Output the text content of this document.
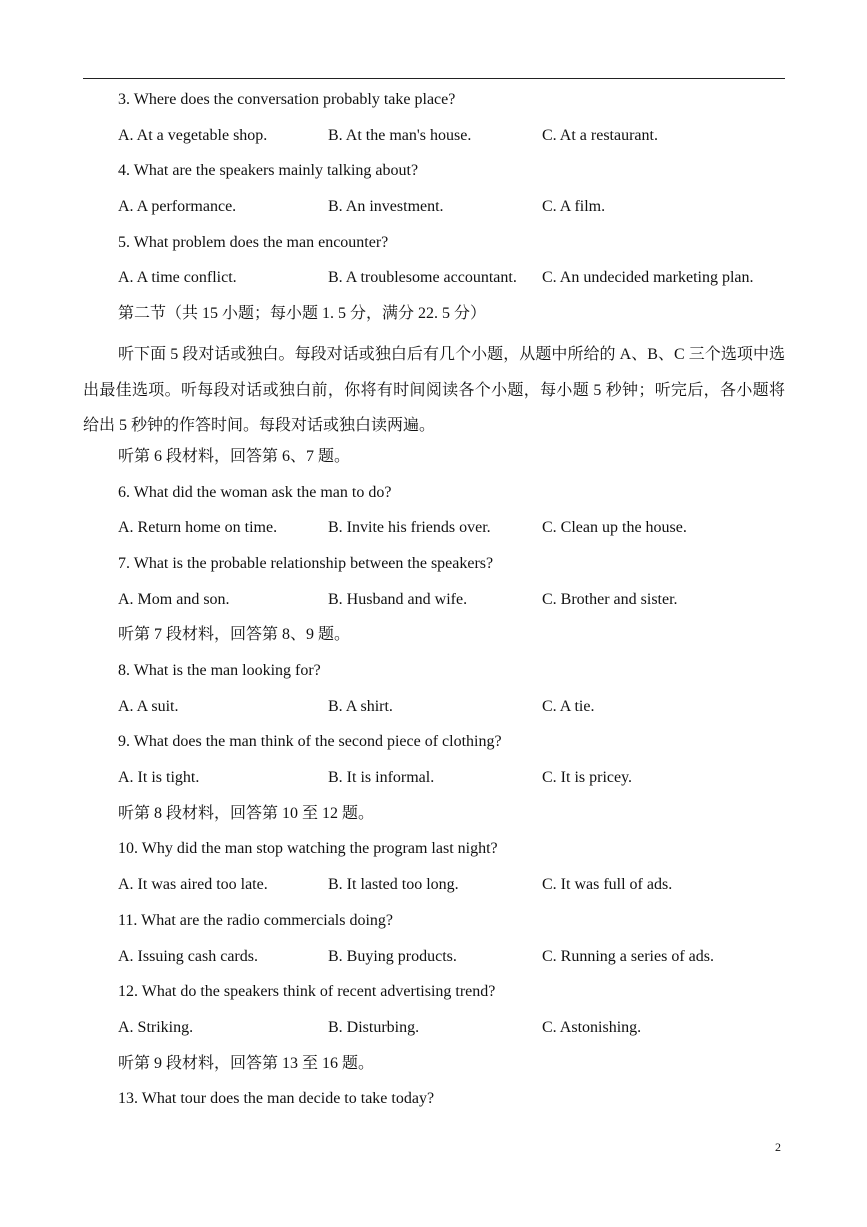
3. Where does the conversation probably take place?
A. At a vegetable shop.	B. At the man's house.	C. At a restaurant.
4. What are the speakers mainly talking about?
A. A performance.	B. An investment.	C. A film.
5. What problem does the man encounter?
A. A time conflict.	B. A troublesome accountant. C. An undecided marketing plan.
第二节（共 15 小题；每小题 1. 5 分，满分 22. 5 分）
听下面 5 段对话或独白。每段对话或独白后有几个小题，从题中所给的 A、B、C 三个选项中选出最佳选项。听每段对话或独白前，你将有时间阅读各个小题，每小题 5 秒钟；听完后，各小题将给出 5 秒钟的作答时间。每段对话或独白读两遍。
听第 6 段材料，回答第 6、7 题。
6. What did the woman ask the man to do?
A. Return home on time.	B. Invite his friends over.	C. Clean up the house.
7. What is the probable relationship between the speakers?
A. Mom and son.	B. Husband and wife.	C. Brother and sister.
听第 7 段材料，回答第 8、9 题。
8. What is the man looking for?
A. A suit.	B. A shirt.	C. A tie.
9. What does the man think of the second piece of clothing?
A. It is tight.	B. It is informal.	C. It is pricey.
听第 8 段材料，回答第 10 至 12 题。
10. Why did the man stop watching the program last night?
A. It was aired too late.	B. It lasted too long.	C. It was full of ads.
11. What are the radio commercials doing?
A. Issuing cash cards.	B. Buying products.	C. Running a series of ads.
12. What do the speakers think of recent advertising trend?
A. Striking.	B. Disturbing.	C. Astonishing.
听第 9 段材料，回答第 13 至 16 题。
13. What tour does the man decide to take today?
2
